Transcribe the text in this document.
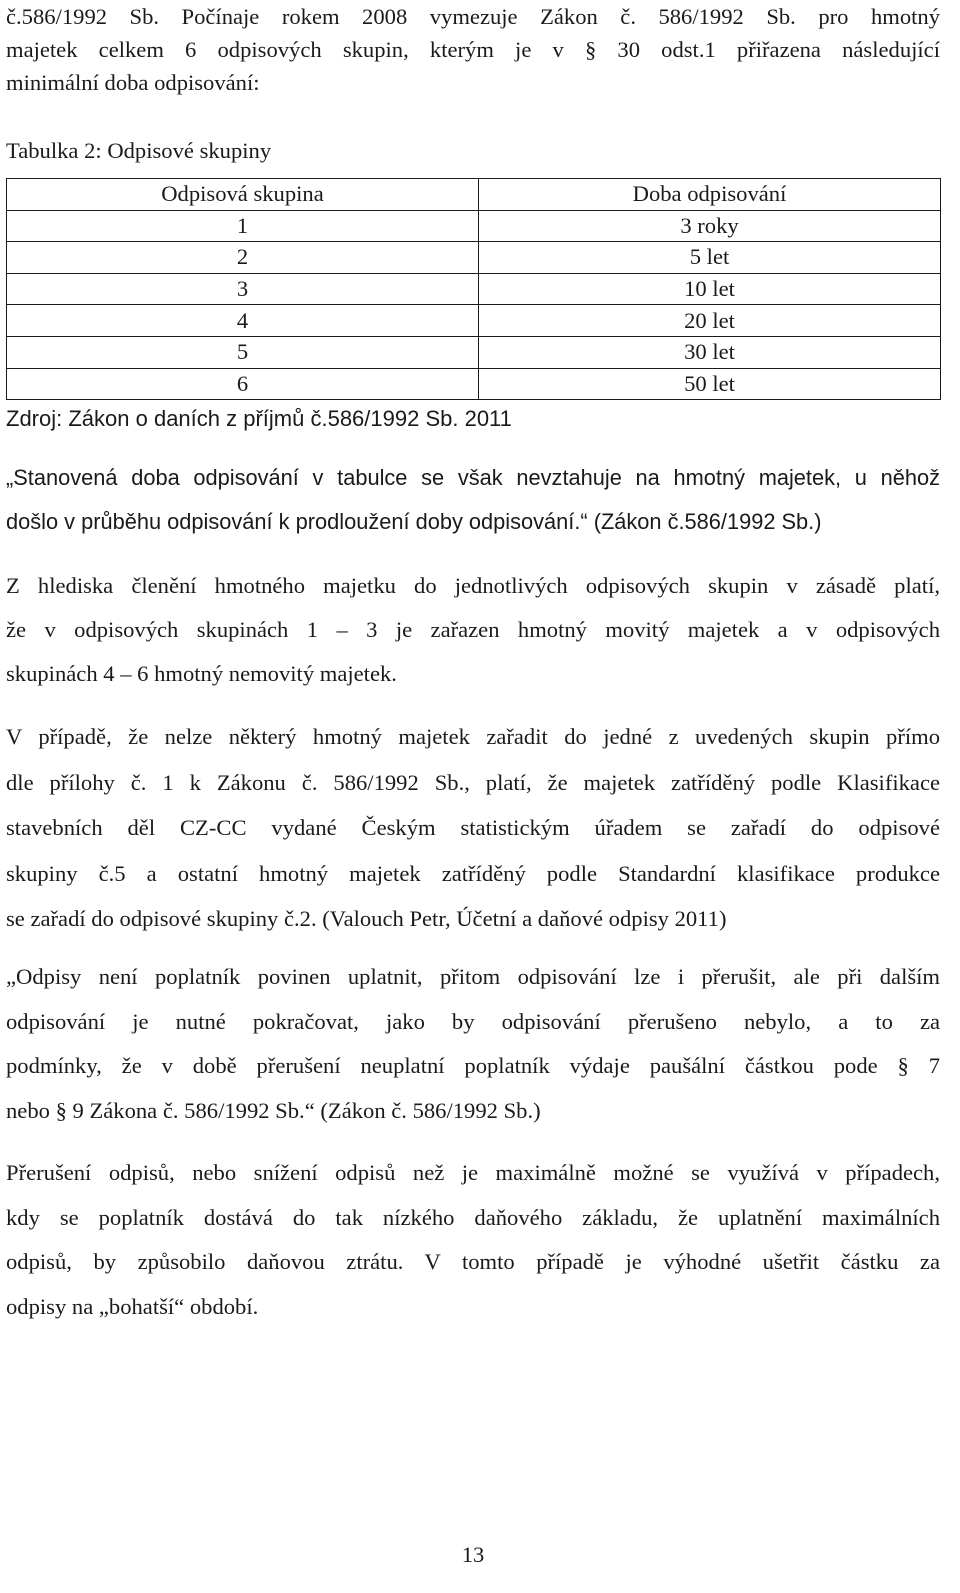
č.586/1992 Sb. Počínaje rokem 2008 vymezuje Zákon č. 586/1992 Sb. pro hmotný
majetek celkem 6 odpisových skupin, kterým je v § 30 odst.1 přiřazena následující
minimální doba odpisování:
Tabulka 2: Odpisové skupiny
Odpisová skupina	Doba odpisování
1	3 roky
2	5 let
3	10 let
4	20 let
5	30 let
6	50 let
Zdroj: Zákon o daních z příjmů č.586/1992 Sb. 2011
„Stanovená doba odpisování v tabulce se však nevztahuje na hmotný majetek, u něhož
došlo v průběhu odpisování k prodloužení doby odpisování.“ (Zákon č.586/1992 Sb.)
Z hlediska členění hmotného majetku do jednotlivých odpisových skupin v zásadě platí,
že v odpisových skupinách 1 – 3 je zařazen hmotný movitý majetek a v odpisových
skupinách 4 – 6 hmotný nemovitý majetek.
V případě, že nelze některý hmotný majetek zařadit do jedné z uvedených skupin přímo
dle přílohy č. 1 k Zákonu č. 586/1992 Sb., platí, že majetek zatříděný podle Klasifikace
stavebních děl CZ-CC vydané Českým statistickým úřadem se zařadí do odpisové
skupiny č.5 a ostatní hmotný majetek zatříděný podle Standardní klasifikace produkce
se zařadí do odpisové skupiny č.2. (Valouch Petr, Účetní a daňové odpisy 2011)
„Odpisy není poplatník povinen uplatnit, přitom odpisování lze i přerušit, ale při dalším
odpisování je nutné pokračovat, jako by odpisování přerušeno nebylo, a to za
podmínky, že v době přerušení neuplatní poplatník výdaje paušální částkou pode § 7
nebo § 9 Zákona č. 586/1992 Sb.“ (Zákon č. 586/1992 Sb.)
Přerušení odpisů, nebo snížení odpisů než je maximálně možné se využívá v případech,
kdy se poplatník dostává do tak nízkého daňového základu, že uplatnění maximálních
odpisů, by způsobilo daňovou ztrátu. V tomto případě je výhodné ušetřit částku za
odpisy na „bohatší“ období.
13
